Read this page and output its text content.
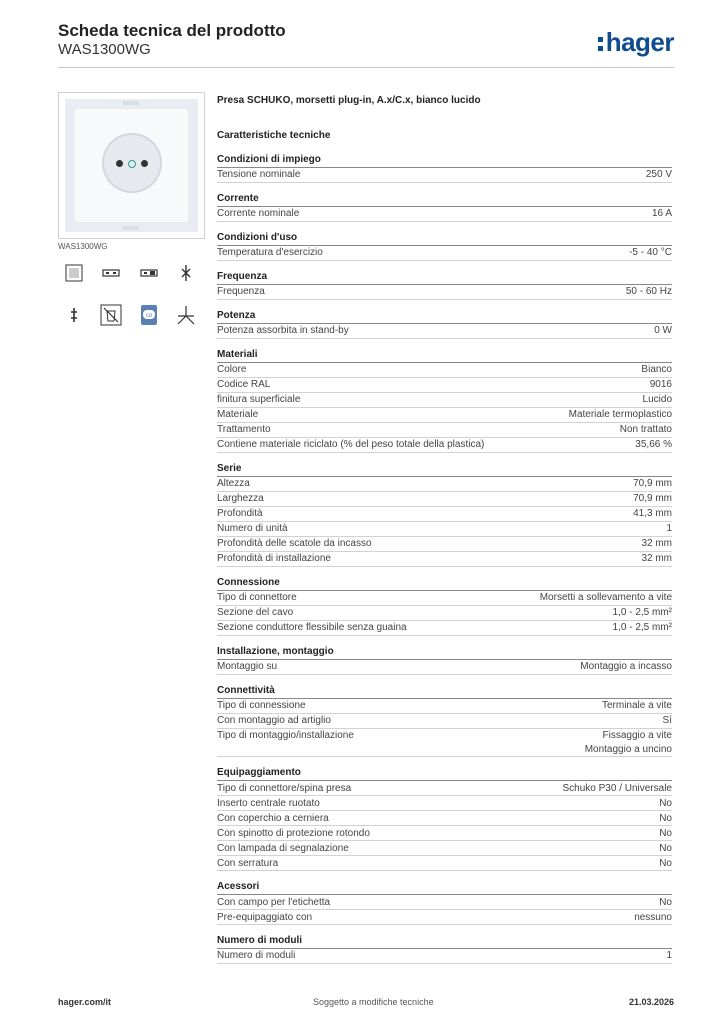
Scheda tecnica del prodotto
WAS1300WG	hager
WAS1300WG
co
Presa SCHUKO, morsetti plug-in, A.x/C.x, bianco lucido
Caratteristiche tecniche
Condizioni di impiego
Tensione nominale	250 V
Corrente
Corrente nominale	16 A
Condizioni d'uso
Temperatura d'esercizio	-5 - 40 °C
Frequenza
Frequenza	50 - 60 Hz
Potenza
Potenza assorbita in stand-by	0 W
Materiali
Colore	Bianco
Codice RAL	9016
finitura superficiale	Lucido
Materiale	Materiale termoplastico
Trattamento	Non trattato
Contiene materiale riciclato (% del peso totale della plastica)	35,66 %
Serie
Altezza	70,9 mm
Larghezza	70,9 mm
Profondità	41,3 mm
Numero di unità	1
Profondità delle scatole da incasso	32 mm
Profondità di installazione	32 mm
Connessione
Tipo di connettore	Morsetti a sollevamento a vite
Sezione del cavo	1,0 - 2,5 mm²
Sezione conduttore flessibile senza guaina	1,0 - 2,5 mm²
Installazione, montaggio
Montaggio su	Montaggio a incasso
Connettività
Tipo di connessione	Terminale a vite
Con montaggio ad artiglio	Sì
Tipo di montaggio/installazione	Fissaggio a vite
Montaggio a uncino
Equipaggiamento
Tipo di connettore/spina presa	Schuko P30 / Universale
Inserto centrale ruotato	No
Con coperchio a cerniera	No
Con spinotto di protezione rotondo	No
Con lampada di segnalazione	No
Con serratura	No
Acessori
Con campo per l'etichetta	No
Pre-equipaggiato con	nessuno
Numero di moduli
Numero di moduli	1
hager.com/it	Soggetto a modifiche tecniche	21.03.2026
